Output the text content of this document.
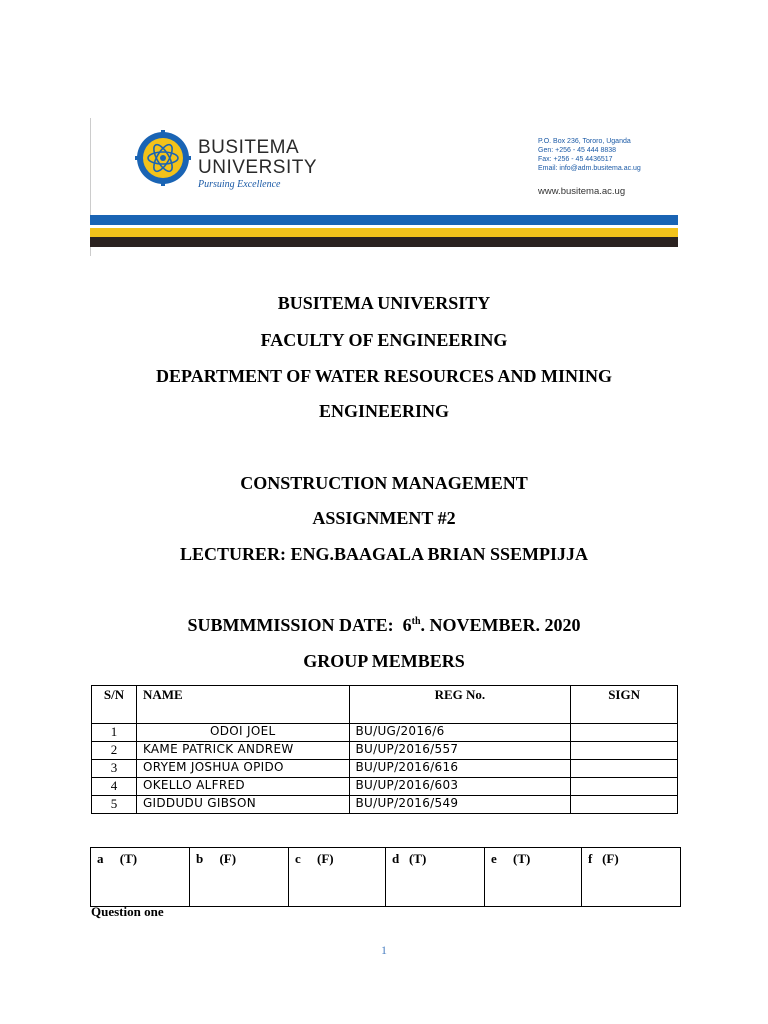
BUSITEMA
UNIVERSITY
Pursuing Excellence
P.O. Box 236, Tororo, Uganda
Gen: +256 - 45 444 8838
Fax: +256 - 45 4436517
Email: info@adm.busitema.ac.ug
www.busitema.ac.ug
BUSITEMA UNIVERSITY
FACULTY OF ENGINEERING
DEPARTMENT OF WATER RESOURCES AND MINING
ENGINEERING
CONSTRUCTION MANAGEMENT
ASSIGNMENT #2
LECTURER: ENG.BAAGALA BRIAN SSEMPIJJA
SUBMMMISSION DATE: 6th. NOVEMBER. 2020
GROUP MEMBERS
S/N	NAME	REG No.	SIGN
1	ODOI JOEL	BU/UG/2016/6	
2	KAME PATRICK ANDREW	BU/UP/2016/557	
3	ORYEM JOSHUA OPIDO	BU/UP/2016/616	
4	OKELLO ALFRED	BU/UP/2016/603	
5	GIDDUDU GIBSON	BU/UP/2016/549	
a     (T)	b     (F)	c     (F)	d   (T)	e     (T)	f   (F)
Question one
1
